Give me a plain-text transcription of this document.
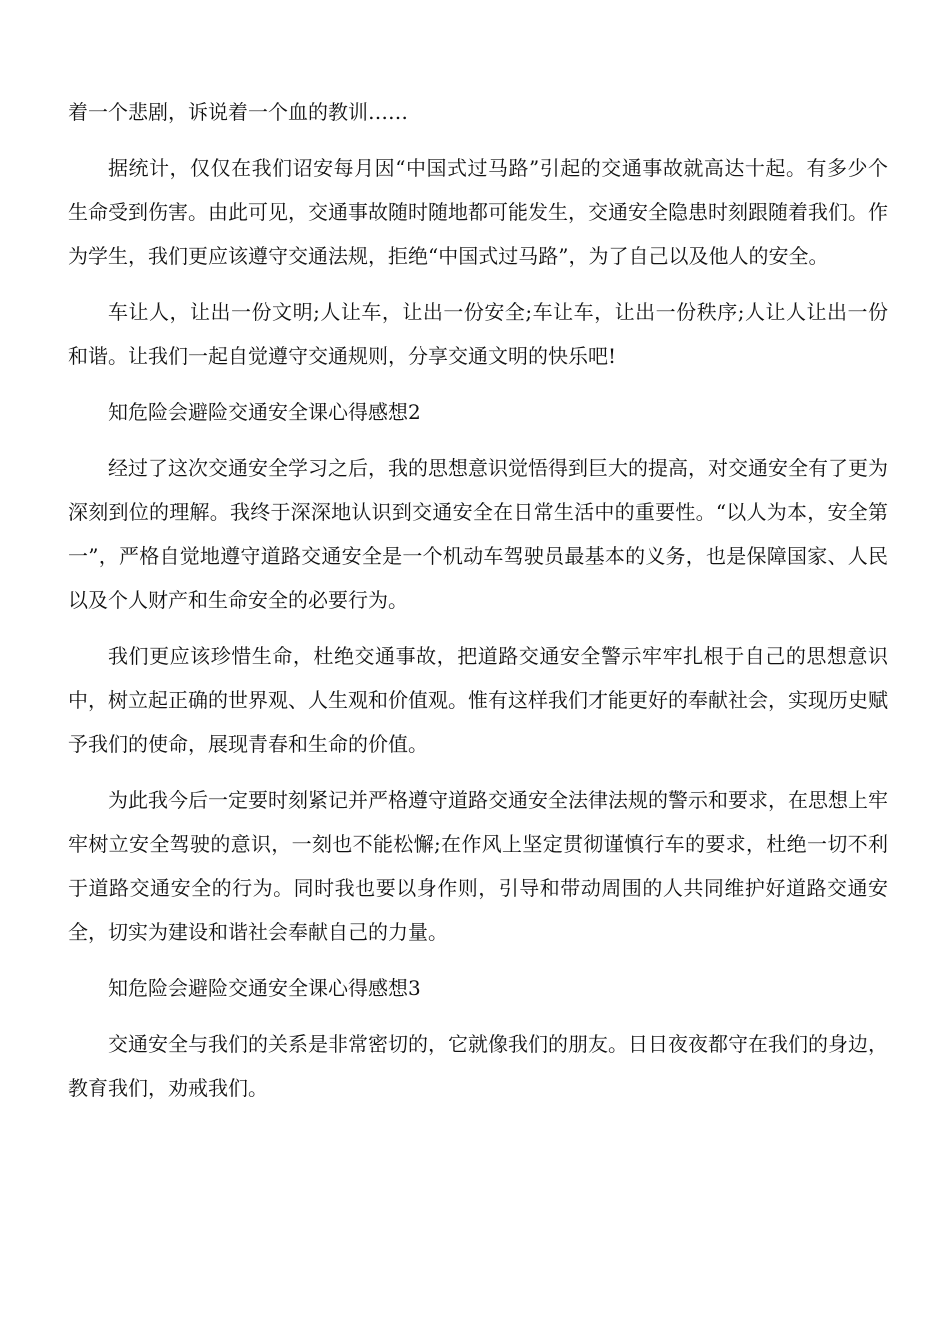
着一个悲剧，诉说着一个血的教训……

据统计，仅仅在我们诏安每月因“中国式过马路”引起的交通事故就高达十起。有多少个生命受到伤害。由此可见，交通事故随时随地都可能发生，交通安全隐患时刻跟随着我们。作为学生，我们更应该遵守交通法规，拒绝“中国式过马路”，为了自己以及他人的安全。

车让人，让出一份文明;人让车，让出一份安全;车让车，让出一份秩序;人让人让出一份和谐。让我们一起自觉遵守交通规则，分享交通文明的快乐吧!

知危险会避险交通安全课心得感想2

经过了这次交通安全学习之后，我的思想意识觉悟得到巨大的提高，对交通安全有了更为深刻到位的理解。我终于深深地认识到交通安全在日常生活中的重要性。“以人为本，安全第一”，严格自觉地遵守道路交通安全是一个机动车驾驶员最基本的义务，也是保障国家、人民以及个人财产和生命安全的必要行为。

我们更应该珍惜生命，杜绝交通事故，把道路交通安全警示牢牢扎根于自己的思想意识中，树立起正确的世界观、人生观和价值观。惟有这样我们才能更好的奉献社会，实现历史赋予我们的使命，展现青春和生命的价值。

为此我今后一定要时刻紧记并严格遵守道路交通安全法律法规的警示和要求，在思想上牢牢树立安全驾驶的意识，一刻也不能松懈;在作风上坚定贯彻谨慎行车的要求，杜绝一切不利于道路交通安全的行为。同时我也要以身作则，引导和带动周围的人共同维护好道路交通安全，切实为建设和谐社会奉献自己的力量。

知危险会避险交通安全课心得感想3

交通安全与我们的关系是非常密切的，它就像我们的朋友。日日夜夜都守在我们的身边，教育我们，劝戒我们。
